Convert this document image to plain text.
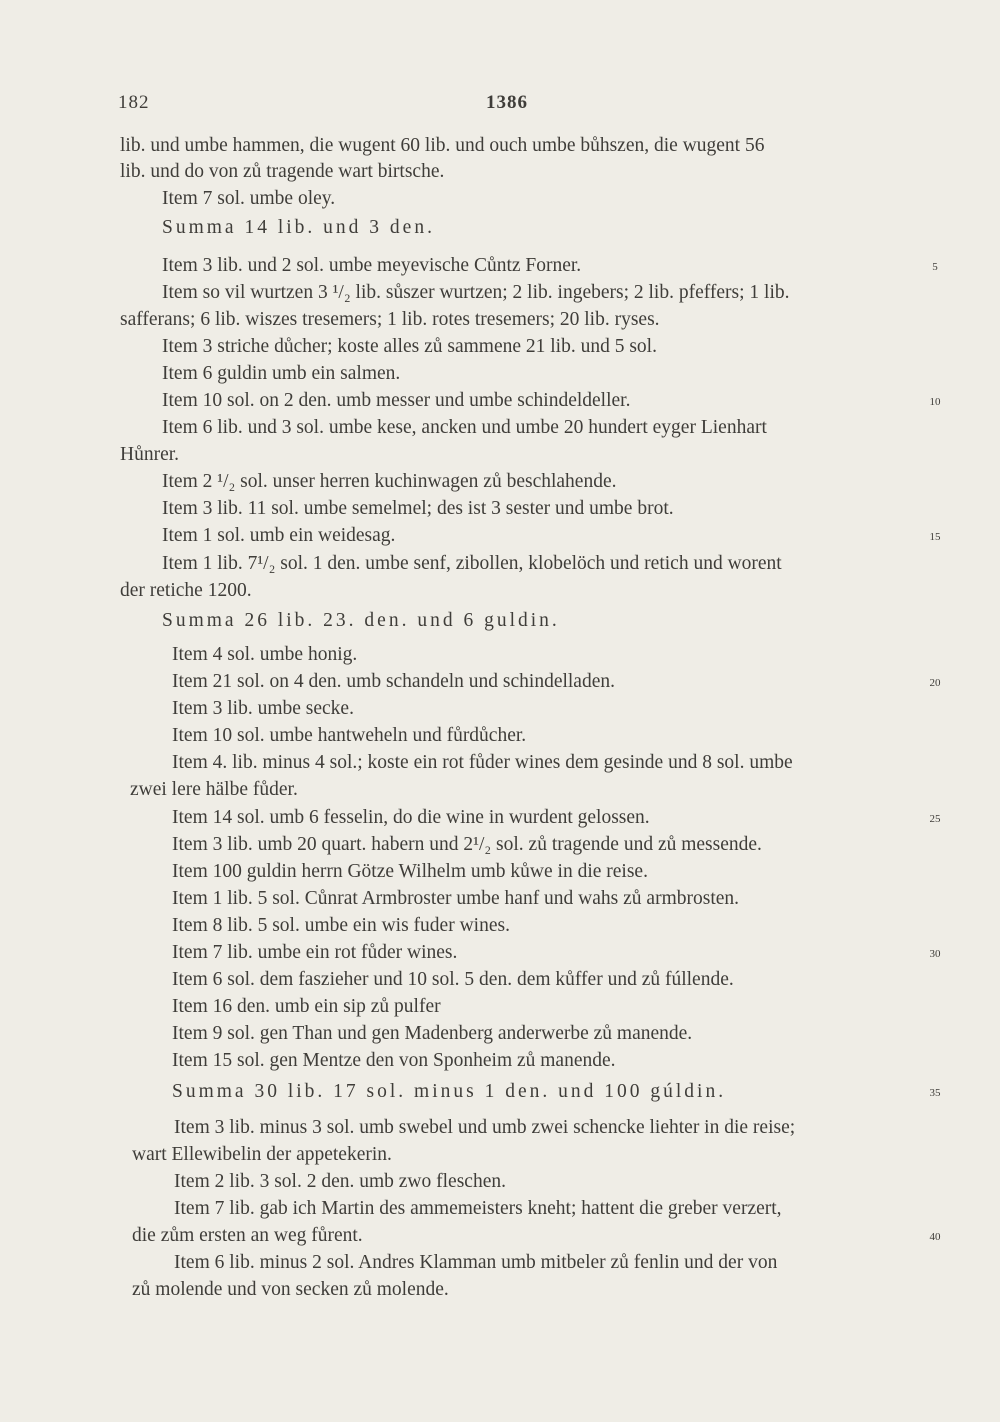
182	1386
lib. und umbe hammen, die wugent 60 lib. und ouch umbe bůhszen, die wugent 56
lib. und do von zů tragende wart birtsche.
Item 7 sol. umbe oley.
Summa 14 lib. und 3 den.
Item 3 lib. und 2 sol. umbe meyevische Cůntz Forner.	5
Item so vil wurtzen 3 ¹/₂ lib. sůszer wurtzen; 2 lib. ingebers; 2 lib. pfeffers; 1 lib.
safferans; 6 lib. wiszes tresemers; 1 lib. rotes tresemers; 20 lib. ryses.
Item 3 striche důcher; koste alles zů sammene 21 lib. und 5 sol.
Item 6 guldin umb ein salmen.
Item 10 sol. on 2 den. umb messer und umbe schindeldeller.	10
Item 6 lib. und 3 sol. umbe kese, ancken und umbe 20 hundert eyger Lienhart
Hůnrer.
Item 2 ¹/₂ sol. unser herren kuchinwagen zů beschlahende.
Item 3 lib. 11 sol. umbe semelmel; des ist 3 sester und umbe brot.
Item 1 sol. umb ein weidesag.	15
Item 1 lib. 7¹/₂ sol. 1 den. umbe senf, zibollen, klobelöch und retich und worent
der retiche 1200.
Summa 26 lib. 23. den. und 6 guldin.
Item 4 sol. umbe honig.
Item 21 sol. on 4 den. umb schandeln und schindelladen.	20
Item 3 lib. umbe secke.
Item 10 sol. umbe hantweheln und fůrdůcher.
Item 4. lib. minus 4 sol.; koste ein rot fůder wines dem gesinde und 8 sol. umbe
zwei lere hälbe fůder.
Item 14 sol. umb 6 fesselin, do die wine in wurdent gelossen.	25
Item 3 lib. umb 20 quart. habern und 2¹/₂ sol. zů tragende und zů messende.
Item 100 guldin herrn Götze Wilhelm umb kůwe in die reise.
Item 1 lib. 5 sol. Cůnrat Armbroster umbe hanf und wahs zů armbrosten.
Item 8 lib. 5 sol. umbe ein wis fuder wines.
Item 7 lib. umbe ein rot fůder wines.	30
Item 6 sol. dem faszieher und 10 sol. 5 den. dem kůffer und zů fúllende.
Item 16 den. umb ein sip zů pulfer
Item 9 sol. gen Than und gen Madenberg anderwerbe zů manende.
Item 15 sol. gen Mentze den von Sponheim zů manende.
Summa 30 lib. 17 sol. minus 1 den. und 100 gúldin.	35
Item 3 lib. minus 3 sol. umb swebel und umb zwei schencke liehter in die reise;
wart Ellewibelin der appetekerin.
Item 2 lib. 3 sol. 2 den. umb zwo fleschen.
Item 7 lib. gab ich Martin des ammemeisters kneht; hattent die greber verzert,
die zům ersten an weg fůrent.	40
Item 6 lib. minus 2 sol. Andres Klamman umb mitbeler zů fenlin und der von
zů molende und von secken zů molende.
